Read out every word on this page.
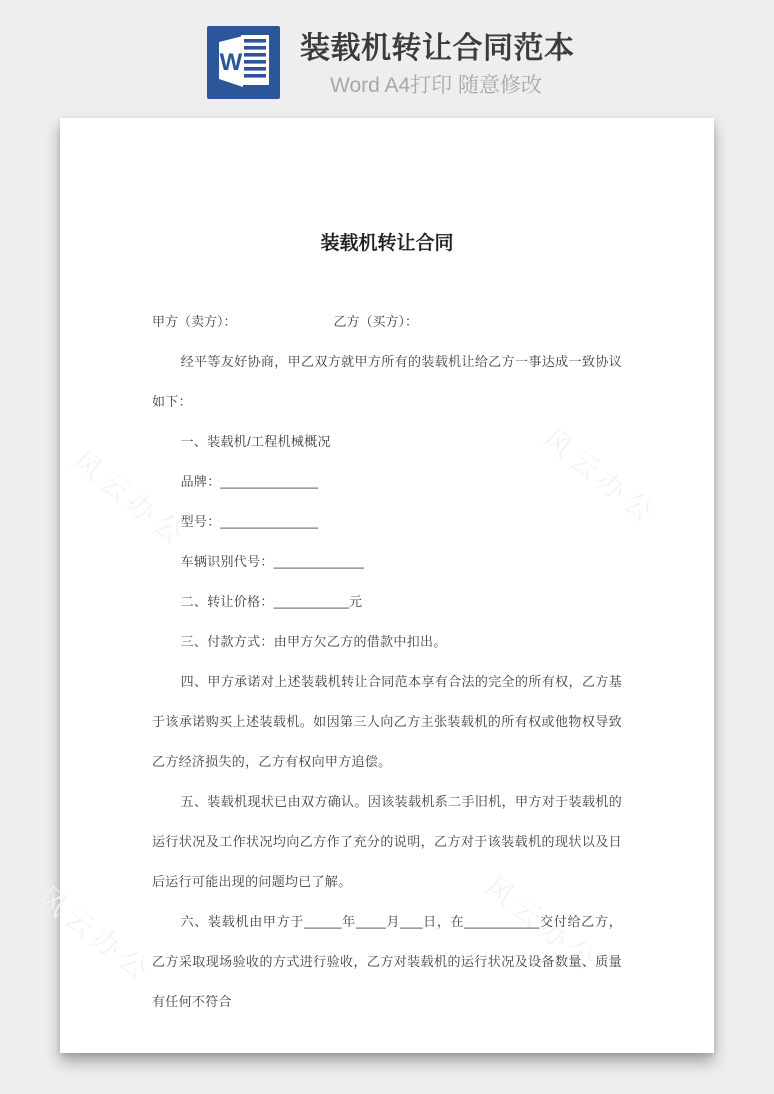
W 装载机转让合同范本

Word A4打印 随意修改

风云办公	风云办公
风云办公	风云办公
装载机转让合同

甲方（卖方）：	乙方（买方）：

经平等友好协商，甲乙双方就甲方所有的装载机让给乙方一事达成一致协议如下：

一、装载机/工程机械概况

品牌：_____________

型号：_____________

车辆识别代号：____________

二、转让价格：__________元

三、付款方式：由甲方欠乙方的借款中扣出。

四、甲方承诺对上述装载机转让合同范本享有合法的完全的所有权，乙方基于该承诺购买上述装载机。如因第三人向乙方主张装载机的所有权或他物权导致乙方经济损失的，乙方有权向甲方追偿。

五、装载机现状已由双方确认。因该装载机系二手旧机，甲方对于装载机的运行状况及工作状况均向乙方作了充分的说明，乙方对于该装载机的现状以及日后运行可能出现的问题均已了解。

六、装载机由甲方于_____年____月___日，在__________交付给乙方，乙方采取现场验收的方式进行验收，乙方对装载机的运行状况及设备数量、质量有任何不符合
